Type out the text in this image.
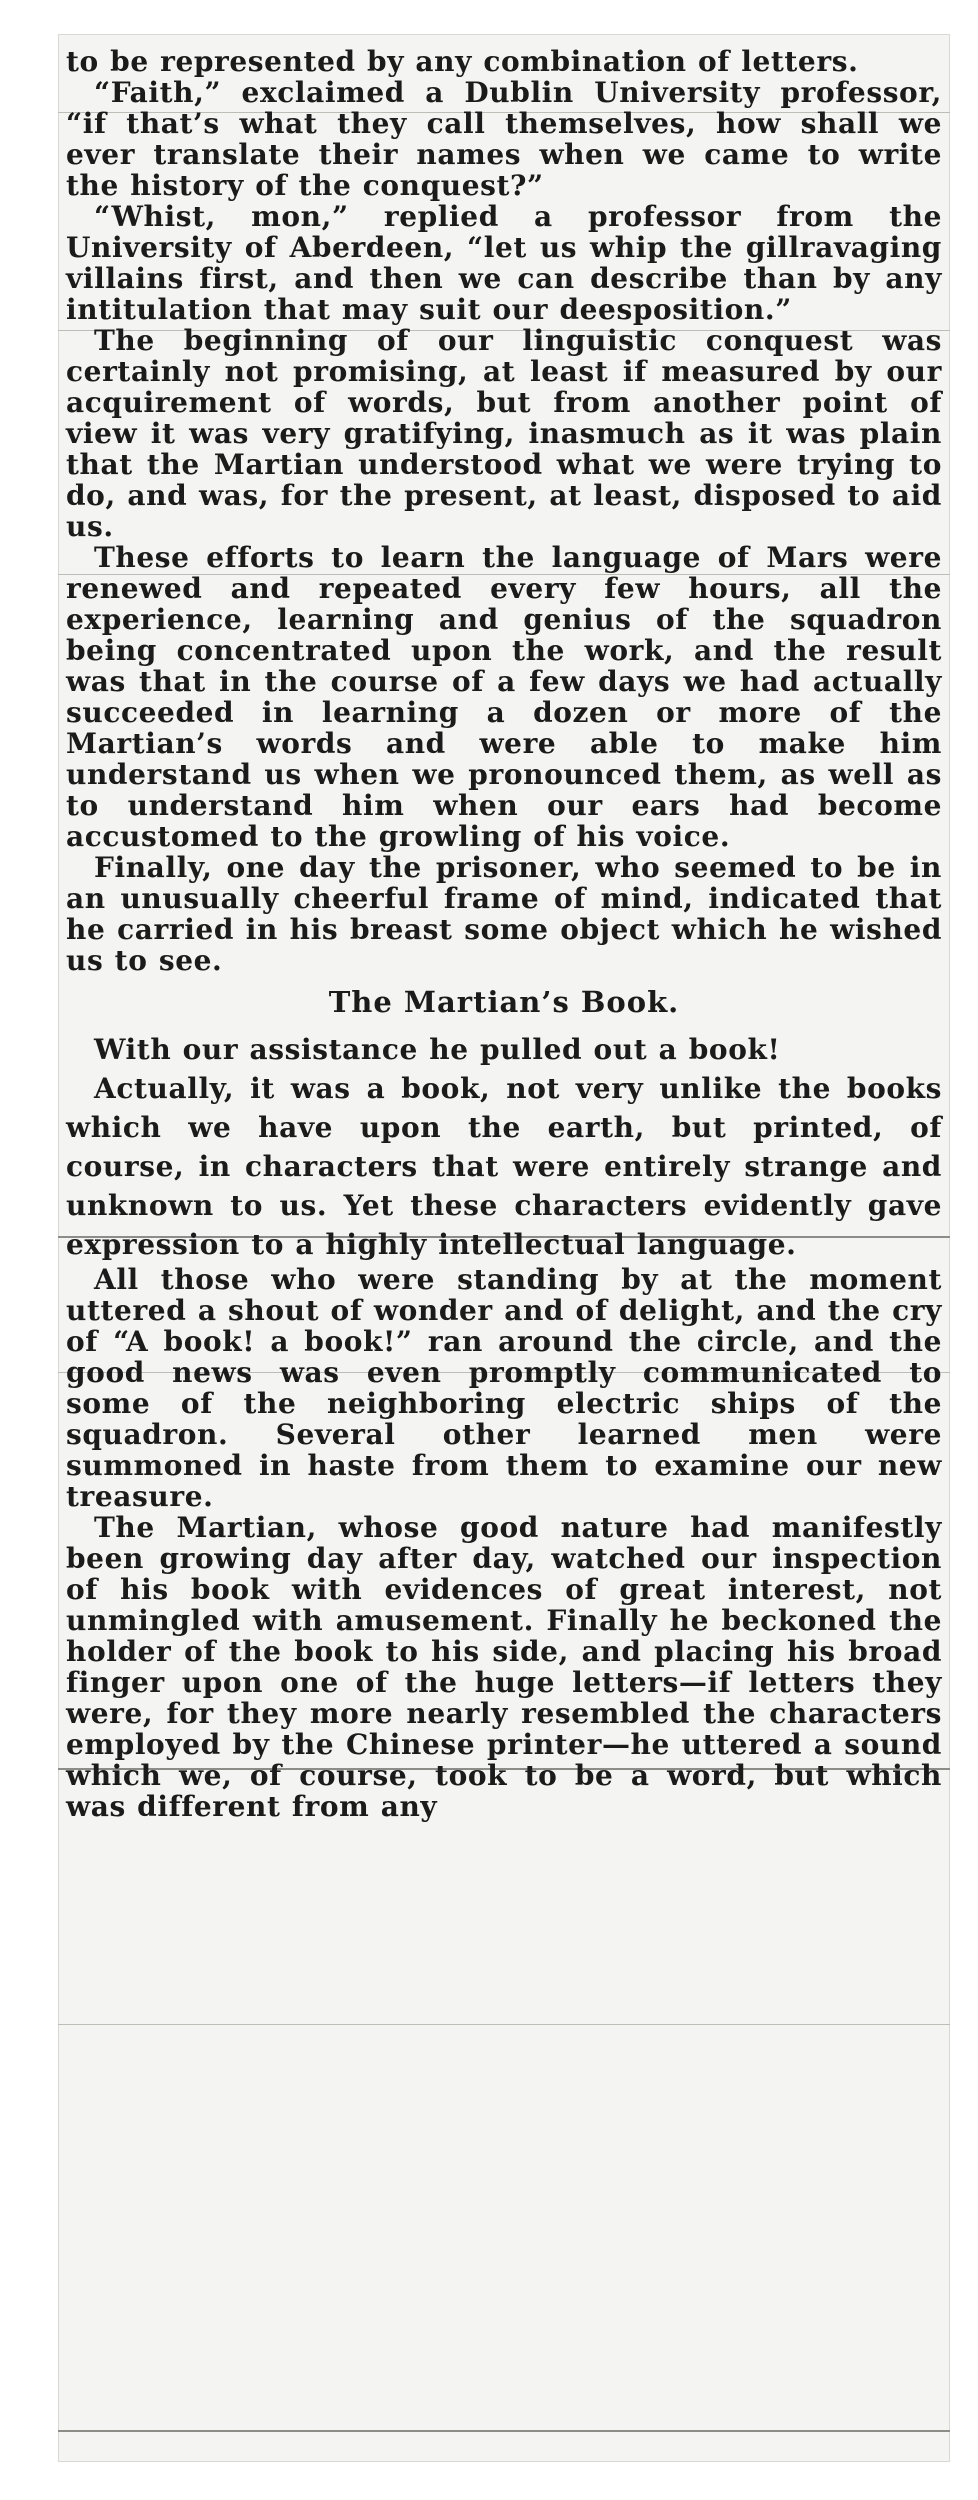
to be represented by any combination of letters.

“Faith,” exclaimed a Dublin University professor, “if that’s what they call themselves, how shall we ever translate their names when we came to write the history of the conquest?”

“Whist, mon,” replied a professor from the University of Aberdeen, “let us whip the gillravaging villains first, and then we can describe than by any intitulation that may suit our deesposition.”

The beginning of our linguistic conquest was certainly not promising, at least if measured by our acquirement of words, but from another point of view it was very gratifying, inasmuch as it was plain that the Martian understood what we were trying to do, and was, for the present, at least, disposed to aid us.

These efforts to learn the language of Mars were renewed and repeated every few hours, all the experience, learning and genius of the squadron being concentrated upon the work, and the result was that in the course of a few days we had actually succeeded in learning a dozen or more of the Martian’s words and were able to make him understand us when we pronounced them, as well as to understand him when our ears had become accustomed to the growling of his voice.

Finally, one day the prisoner, who seemed to be in an unusually cheerful frame of mind, indicated that he carried in his breast some object which he wished us to see.

The Martian’s Book.

With our assistance he pulled out a book!

Actually, it was a book, not very unlike the books which we have upon the earth, but printed, of course, in characters that were entirely strange and unknown to us. Yet these characters evidently gave expression to a highly intellectual language.

All those who were standing by at the moment uttered a shout of wonder and of delight, and the cry of “A book! a book!” ran around the circle, and the good news was even promptly communicated to some of the neighboring electric ships of the squadron. Several other learned men were summoned in haste from them to examine our new treasure.

The Martian, whose good nature had manifestly been growing day after day, watched our inspection of his book with evidences of great interest, not unmingled with amusement. Finally he beckoned the holder of the book to his side, and placing his broad finger upon one of the huge letters—if letters they were, for they more nearly resembled the characters employed by the Chinese printer—he uttered a sound which we, of course, took to be a word, but which was different from any
